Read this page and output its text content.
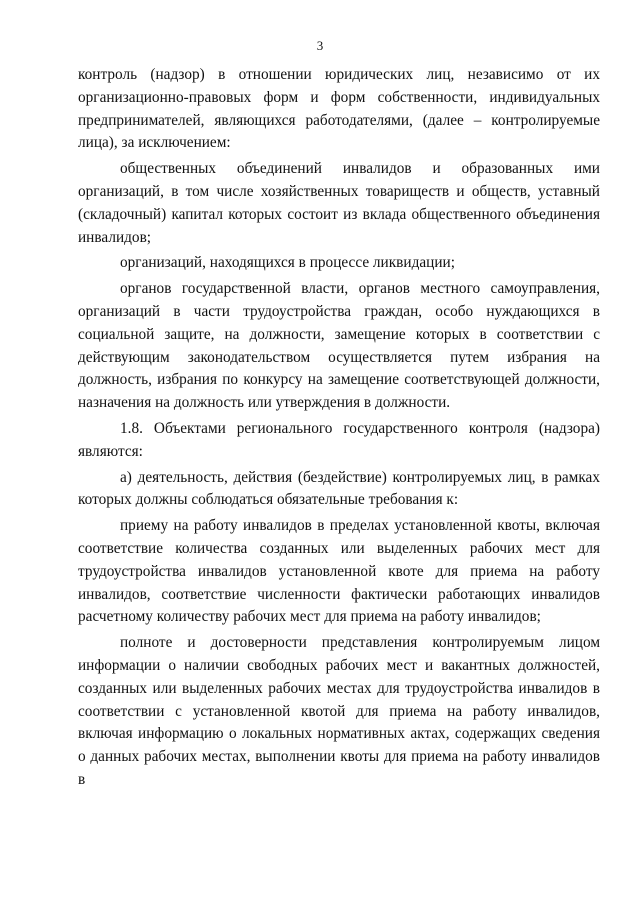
3

контроль (надзор) в отношении юридических лиц, независимо от их организационно-правовых форм и форм собственности, индивидуальных предпринимателей, являющихся работодателями, (далее – контролируемые лица), за исключением:

общественных объединений инвалидов и образованных ими организаций, в том числе хозяйственных товариществ и обществ, уставный (складочный) капитал которых состоит из вклада общественного объединения инвалидов;

организаций, находящихся в процессе ликвидации;

органов государственной власти, органов местного самоуправления, организаций в части трудоустройства граждан, особо нуждающихся в социальной защите, на должности, замещение которых в соответствии с действующим законодательством осуществляется путем избрания на должность, избрания по конкурсу на замещение соответствующей должности, назначения на должность или утверждения в должности.

1.8. Объектами регионального государственного контроля (надзора) являются:

а) деятельность, действия (бездействие) контролируемых лиц, в рамках которых должны соблюдаться обязательные требования к:

приему на работу инвалидов в пределах установленной квоты, включая соответствие количества созданных или выделенных рабочих мест для трудоустройства инвалидов установленной квоте для приема на работу инвалидов, соответствие численности фактически работающих инвалидов расчетному количеству рабочих мест для приема на работу инвалидов;

полноте и достоверности представления контролируемым лицом информации о наличии свободных рабочих мест и вакантных должностей, созданных или выделенных рабочих местах для трудоустройства инвалидов в соответствии с установленной квотой для приема на работу инвалидов, включая информацию о локальных нормативных актах, содержащих сведения о данных рабочих местах, выполнении квоты для приема на работу инвалидов в
